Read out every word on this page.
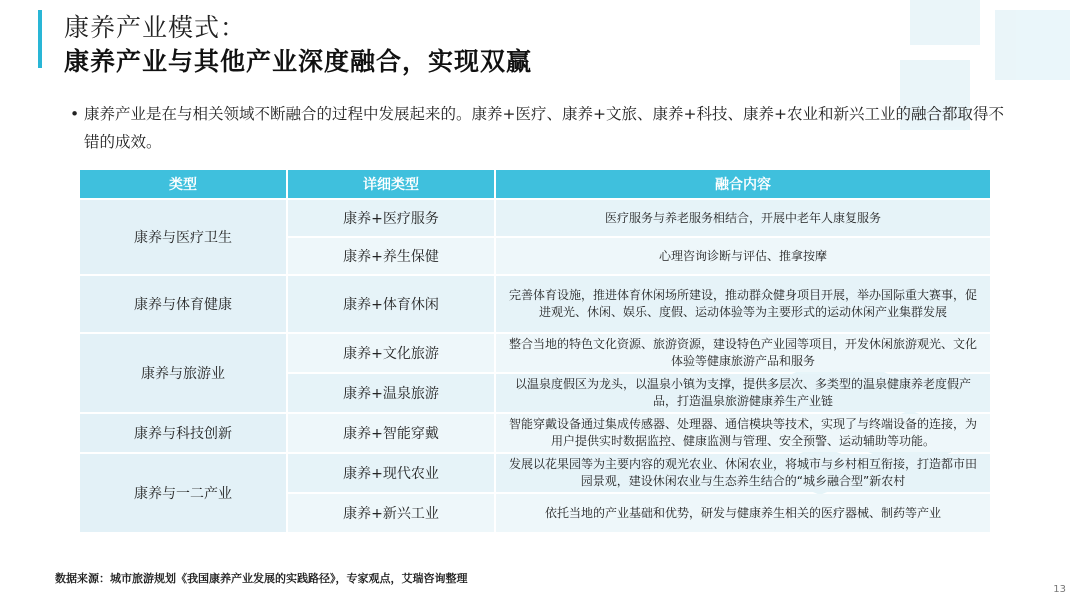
康养产业模式：
康养产业与其他产业深度融合，实现双赢
• 康养产业是在与相关领域不断融合的过程中发展起来的。康养+医疗、康养+文旅、康养+科技、康养+农业和新兴工业的融合都取得不错的成效。
类型	详细类型	融合内容
康养与医疗卫生	康养+医疗服务	医疗服务与养老服务相结合，开展中老年人康复服务
	康养+养生保健	心理咨询诊断与评估、推拿按摩
康养与体育健康	康养+体育休闲	完善体育设施，推进体育休闲场所建设，推动群众健身项目开展，举办国际重大赛事，促进观光、休闲、娱乐、度假、运动体验等为主要形式的运动休闲产业集群发展
康养与旅游业	康养+文化旅游	整合当地的特色文化资源、旅游资源，建设特色产业园等项目，开发休闲旅游观光、文化体验等健康旅游产品和服务
	康养+温泉旅游	以温泉度假区为龙头，以温泉小镇为支撑，提供多层次、多类型的温泉健康养老度假产品，打造温泉旅游健康养生产业链
康养与科技创新	康养+智能穿戴	智能穿戴设备通过集成传感器、处理器、通信模块等技术，实现了与终端设备的连接，为用户提供实时数据监控、健康监测与管理、安全预警、运动辅助等功能。
康养与一二产业	康养+现代农业	发展以花果园等为主要内容的观光农业、休闲农业，将城市与乡村相互衔接，打造都市田园景观，建设休闲农业与生态养生结合的“城乡融合型”新农村
	康养+新兴工业	依托当地的产业基础和优势，研发与健康养生相关的医疗器械、制药等产业
数据来源：城市旅游规划《我国康养产业发展的实践路径》，专家观点，艾瑞咨询整理
13
